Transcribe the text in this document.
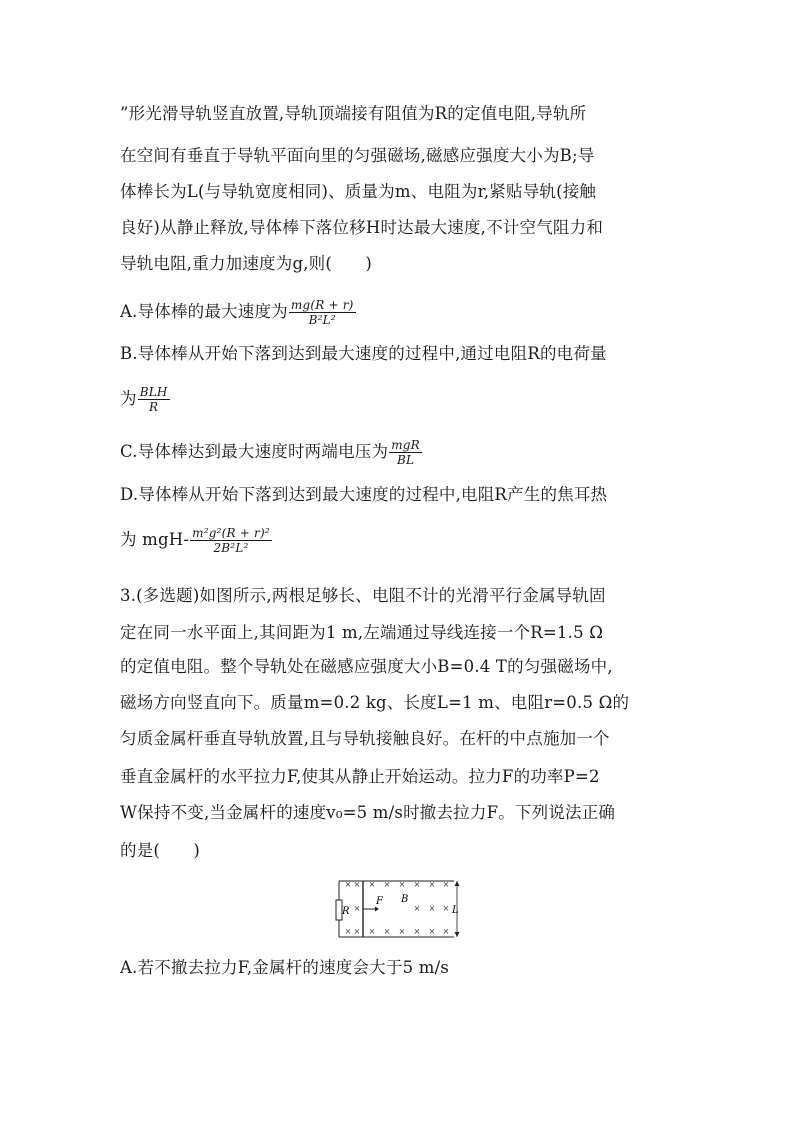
”形光滑导轨竖直放置,导轨顶端接有阻值为R的定值电阻,导轨所
在空间有垂直于导轨平面向里的匀强磁场,磁感应强度大小为B;导
体棒长为L(与导轨宽度相同)、质量为m、电阻为r,紧贴导轨(接触
良好)从静止释放,导体棒下落位移H时达最大速度,不计空气阻力和
导轨电阻,重力加速度为g,则(　　)
A.导体棒的最大速度为 $\frac{mg(R + r)}{\text{B²L²}}$
B.导体棒从开始下落到达到最大速度的过程中,通过电阻R的电荷量
为 $\frac{\text{BLH}}{R}$
C.导体棒达到最大速度时两端电压为 $\frac{\text{mgR}}{BL}$
D.导体棒从开始下落到达到最大速度的过程中,电阻R产生的焦耳热
为 $mgH- \frac{\text{m²g²(R + r)²}}{\text{2B²L²}}$
3.(多选题)如图所示,两根足够长、电阻不计的光滑平行金属导轨固
定在同一水平面上,其间距为1 m,左端通过导线连接一个R=1.5 Ω
的定值电阻。整个导轨处在磁感应强度大小B=0.4 T的匀强磁场中,
磁场方向竖直向下。质量m=0.2 kg、长度L=1 m、电阻r=0.5 Ω的
匀质金属杆垂直导轨放置,且与导轨接触良好。在杆的中点施加一个
垂直金属杆的水平拉力F,使其从静止开始运动。拉力F的功率P=2
W保持不变,当金属杆的速度v₀=5 m/s时撤去拉力F。下列说法正确
的是(　　)
R
F B
L
× × × × × × × ×
×	× × ×
× × × × × × × ×
A.若不撤去拉力F,金属杆的速度会大于5 m/s
